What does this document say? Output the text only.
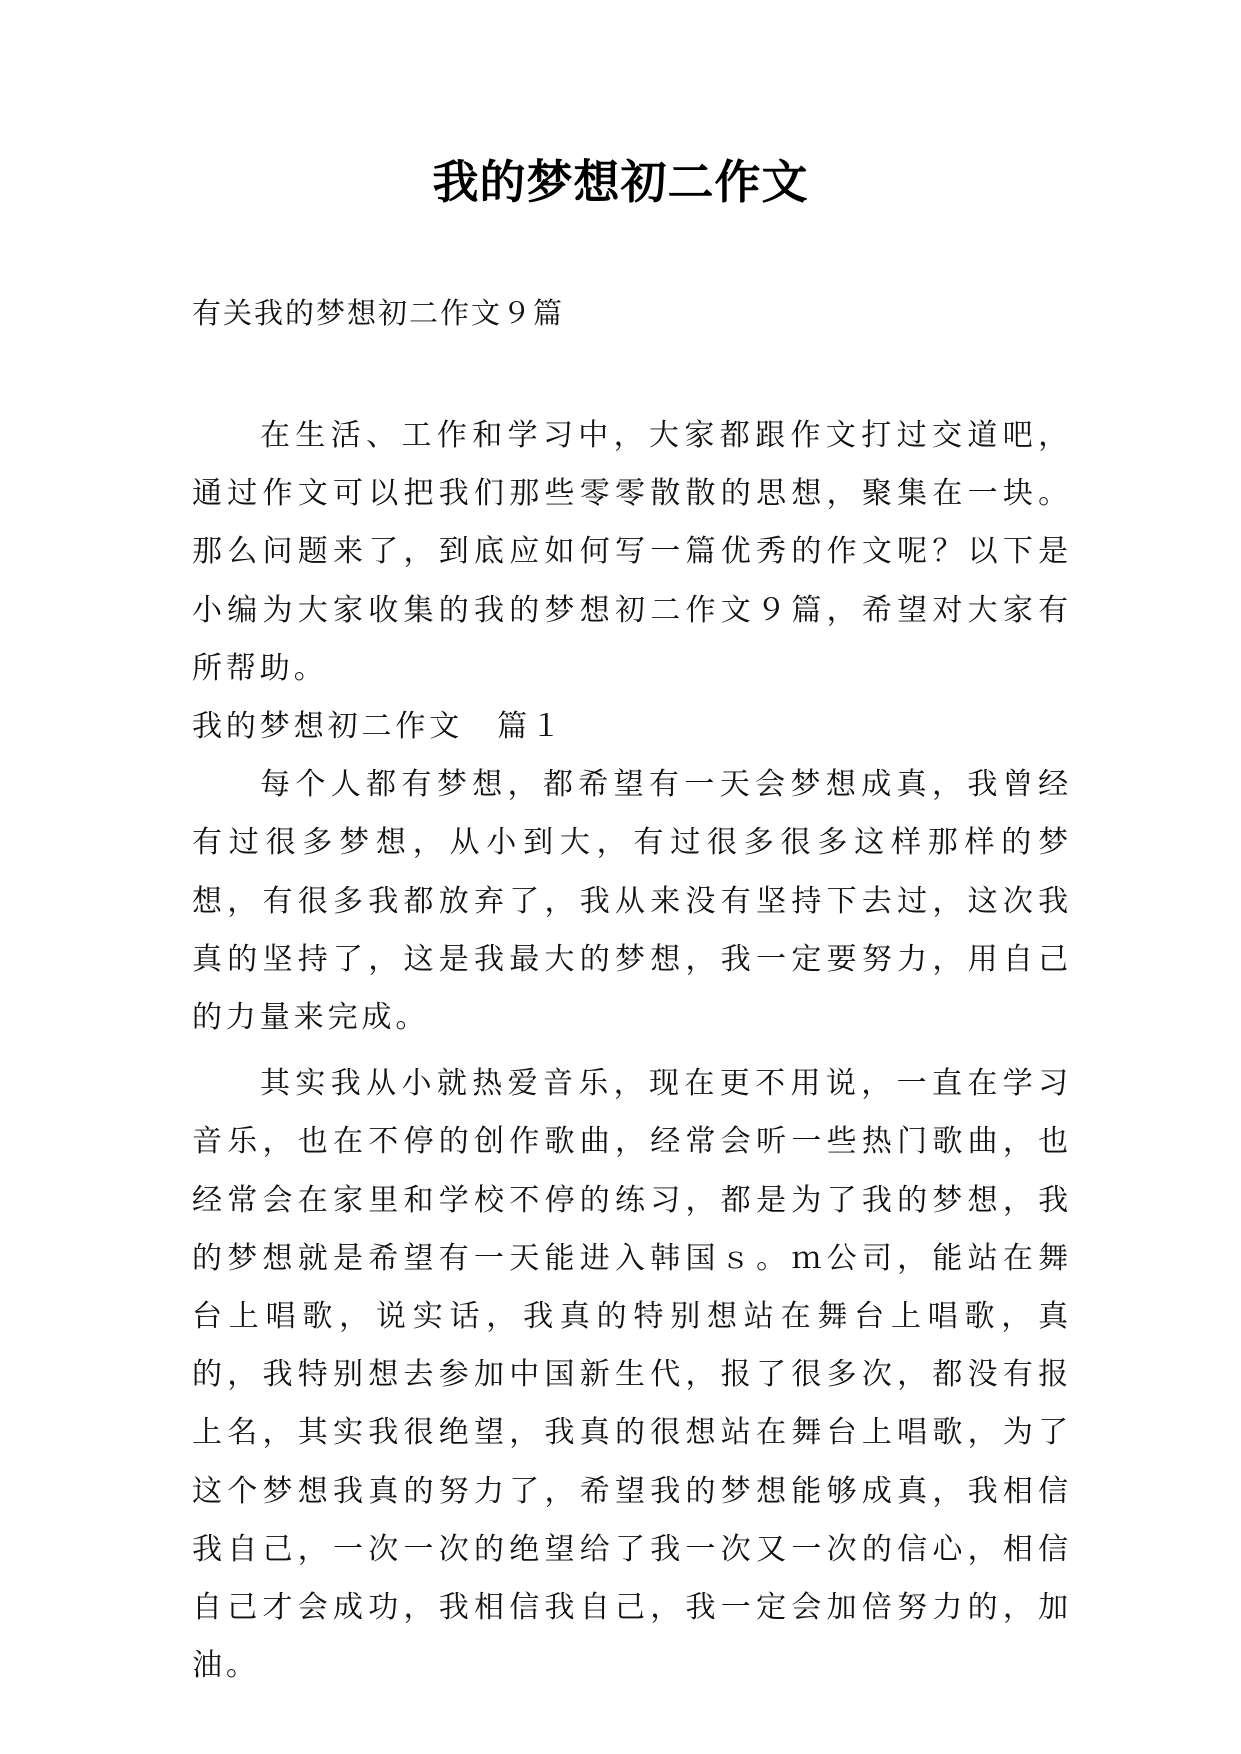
我的梦想初二作文

有关我的梦想初二作文９篇

在生活、工作和学习中，大家都跟作文打过交道吧，通过作文可以把我们那些零零散散的思想，聚集在一块。那么问题来了，到底应如何写一篇优秀的作文呢？以下是小编为大家收集的我的梦想初二作文９篇，希望对大家有所帮助。

我的梦想初二作文　篇１

每个人都有梦想，都希望有一天会梦想成真，我曾经有过很多梦想，从小到大，有过很多很多这样那样的梦想，有很多我都放弃了，我从来没有坚持下去过，这次我真的坚持了，这是我最大的梦想，我一定要努力，用自己的力量来完成。

其实我从小就热爱音乐，现在更不用说，一直在学习音乐，也在不停的创作歌曲，经常会听一些热门歌曲，也经常会在家里和学校不停的练习，都是为了我的梦想，我的梦想就是希望有一天能进入韩国ｓ。ｍ公司，能站在舞台上唱歌，说实话，我真的特别想站在舞台上唱歌，真的，我特别想去参加中国新生代，报了很多次，都没有报上名，其实我很绝望，我真的很想站在舞台上唱歌，为了这个梦想我真的努力了，希望我的梦想能够成真，我相信我自己，一次一次的绝望给了我一次又一次的信心，相信自己才会成功，我相信我自己，我一定会加倍努力的，加油。
